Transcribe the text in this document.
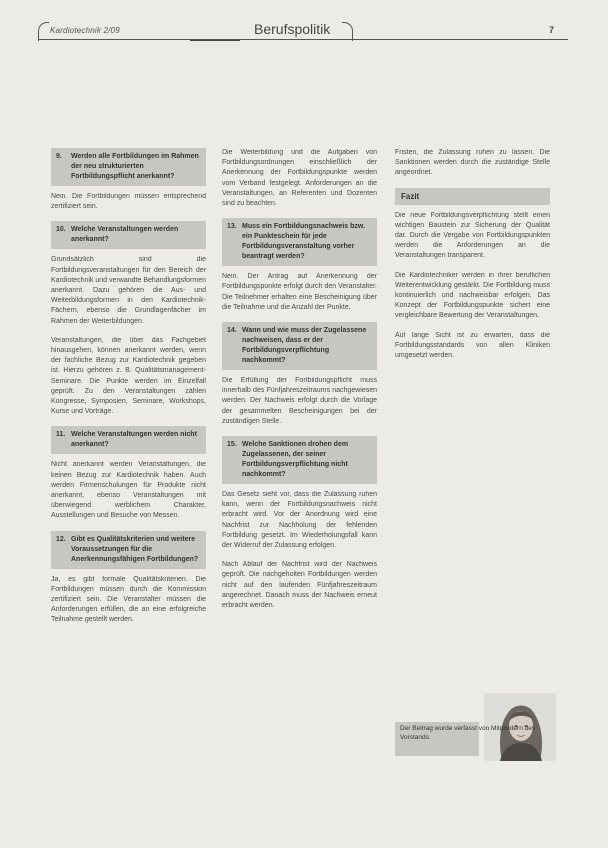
Kardiotechnik 2/09	Berufspolitik	7
9. Werden alle Fortbildungen im Rahmen der neu strukturierten Fortbildungspflicht anerkannt?

Nein. Die Fortbildungen müssen entsprechend zertifiziert sein.

10. Welche Veranstaltungen werden anerkannt?

Grundsätzlich sind die Fortbildungsveranstaltungen für den Bereich der Kardiotechnik und verwandte Behandlungsformen anerkannt. Dazu gehören die Aus- und Weiterbildungsformen in den Kardiotechnik-Fächern, ebenso die Grundlagenfächer im Rahmen der Weiterbildungen.

Veranstaltungen, die über das Fachgebiet hinausgehen, können anerkannt werden, wenn der fachliche Bezug zur Kardiotechnik gegeben ist. Hierzu gehören z. B. Qualitätsmanagement-Seminare. Die Punkte werden im Einzelfall geprüft. Zu den Veranstaltungen zählen Kongresse, Symposien, Seminare, Workshops, Kurse und Vorträge.

11. Welche Veranstaltungen werden nicht anerkannt?

Nicht anerkannt werden Veranstaltungen, die keinen Bezug zur Kardiotechnik haben. Auch werden Firmenschulungen für Produkte nicht anerkannt, ebenso Veranstaltungen mit überwiegend werblichem Charakter, Ausstellungen und Besuche von Messen.

12. Gibt es Qualitätskriterien und weitere Voraussetzungen für die Anerkennungsfähigen Fortbildungen?

Ja, es gibt formale Qualitätskriterien. Die Fortbildungen müssen durch die Kommission zertifiziert sein. Die Veranstalter müssen die Anforderungen erfüllen, die an eine erfolgreiche Teilnahme gestellt werden.

Die Weiterbildung und die Aufgaben von Fortbildungsordnungen einschließlich der Anerkennung der Fortbildungspunkte werden vom Verband festgelegt. Anforderungen an die Veranstaltungen, an Referenten und Dozenten sind zu beachten.

13. Muss ein Fortbildungsnachweis bzw. ein Punkteschein für jede Fortbildungsveranstaltung vorher beantragt werden?

Nein. Der Antrag auf Anerkennung der Fortbildungspunkte erfolgt durch den Veranstalter. Die Teilnehmer erhalten eine Bescheinigung über die Teilnahme und die Anzahl der Punkte.

14. Wann und wie muss der Zugelassene nachweisen, dass er der Fortbildungsverpflichtung nachkommt?

Die Erfüllung der Fortbildungspflicht muss innerhalb des Fünfjahreszeitraums nachgewiesen werden. Der Nachweis erfolgt durch die Vorlage der gesammelten Bescheinigungen bei der zuständigen Stelle.

15. Welche Sanktionen drohen dem Zugelassenen, der seiner Fortbildungsverpflichtung nicht nachkommt?

Das Gesetz sieht vor, dass die Zulassung ruhen kann, wenn der Fortbildungsnachweis nicht erbracht wird. Vor der Anordnung wird eine Nachfrist zur Nachholung der fehlenden Fortbildung gesetzt. Im Wiederholungsfall kann der Widerruf der Zulassung erfolgen.

Nach Ablauf der Nachfrist wird der Nachweis geprüft. Die nachgeholten Fortbildungen werden nicht auf den laufenden Fünfjahreszeitraum angerechnet. Danach muss der Nachweis erneut erbracht werden.

Fristen, die Zulassung ruhen zu lassen. Die Sanktionen werden durch die zuständige Stelle angeordnet.

Fazit

Die neue Fortbildungsverpflichtung stellt einen wichtigen Baustein zur Sicherung der Qualität dar. Durch die Vergabe von Fortbildungspunkten werden die Anforderungen an die Veranstaltungen transparent.

Die Kardiotechniker werden in ihrer beruflichen Weiterentwicklung gestärkt. Die Fortbildung muss kontinuierlich und nachweisbar erfolgen. Das Konzept der Fortbildungspunkte sichert eine vergleichbare Bewertung der Veranstaltungen.

Auf lange Sicht ist zu erwarten, dass die Fortbildungsstandards von allen Kliniken umgesetzt werden.

Der Beitrag wurde verfasst von Mitgliedern des Vorstands.
